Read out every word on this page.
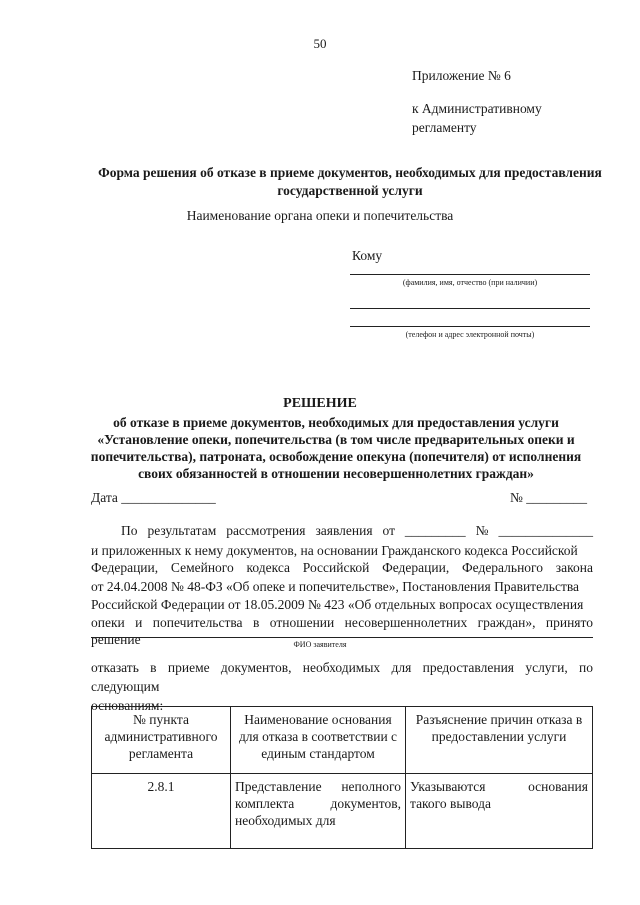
50
Приложение № 6
к Административному
регламенту
Форма решения об отказе в приеме документов, необходимых для предоставления
государственной услуги
Наименование органа опеки и попечительства
Кому
(фамилия, имя, отчество (при наличии)
(телефон и адрес электронной почты)
РЕШЕНИЕ
об отказе в приеме документов, необходимых для предоставления услуги
«Установление опеки, попечительства (в том числе предварительных опеки и
попечительства), патроната, освобождение опекуна (попечителя) от исполнения
своих обязанностей в отношении несовершеннолетних граждан»
Дата ______________	№ _________
По результатам рассмотрения заявления от _________ № ______________
и приложенных к нему документов, на основании Гражданского кодекса Российской
Федерации, Семейного кодекса Российской Федерации, Федерального закона
от 24.04.2008 № 48-ФЗ «Об опеке и попечительстве», Постановления Правительства
Российской Федерации от 18.05.2009 № 423 «Об отдельных вопросах осуществления
опеки и попечительства в отношении несовершеннолетних граждан», принято решение	ФИО заявителя
отказать в приеме документов, необходимых для предоставления услуги, по следующим
основаниям:
№ пункта административного регламента	Наименование основания для отказа в соответствии с единым стандартом	Разъяснение причин отказа в предоставлении услуги
2.8.1	Представление неполного комплекта документов, необходимых для	Указываются основания такого вывода
